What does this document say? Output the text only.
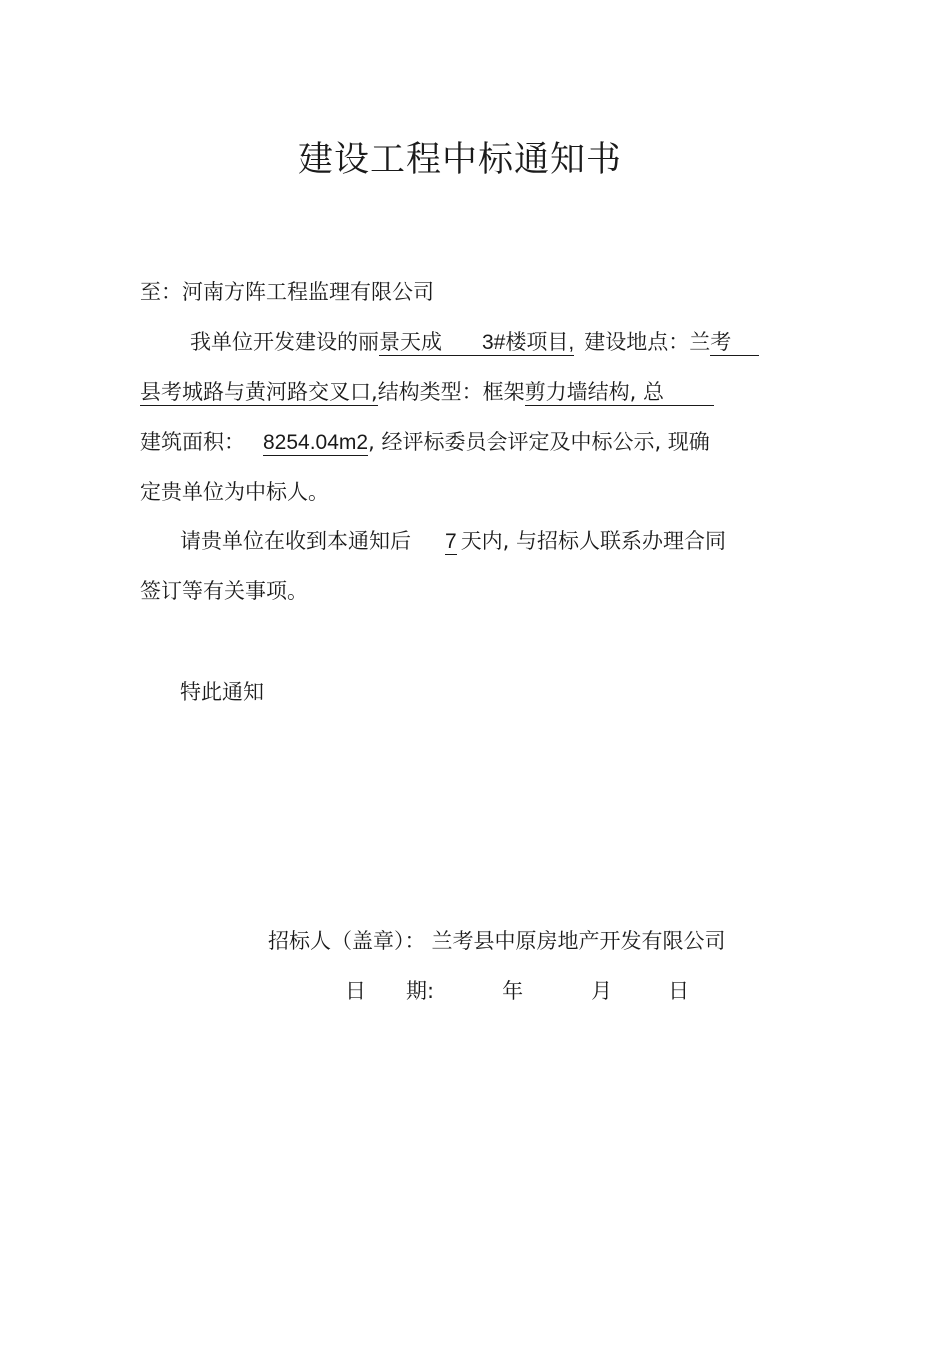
建设工程中标通知书
至：河南方阵工程监理有限公司
我单位开发建设的丽景天成 3#楼项目, 建设地点：兰考
县考城路与黄河路交叉口,结构类型：框架剪力墙结构, 总
建筑面积： 8254.04m2, 经评标委员会评定及中标公示, 现确
定贵单位为中标人。
请贵单位在收到本通知后 7 天内, 与招标人联系办理合同
签订等有关事项。
特此通知
招标人（盖章）： 兰考县中原房地产开发有限公司
日 期:	年	月	日
